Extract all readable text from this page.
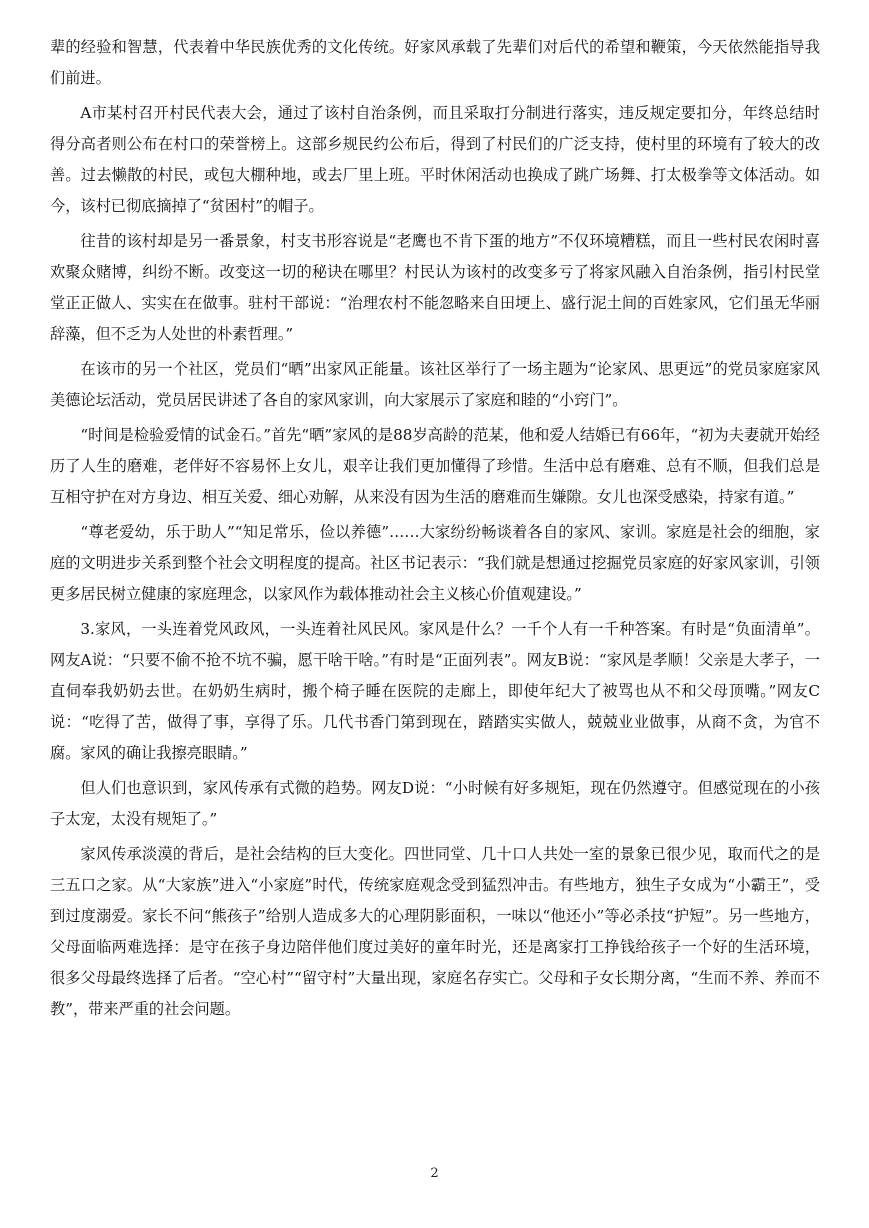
辈的经验和智慧，代表着中华民族优秀的文化传统。好家风承载了先辈们对后代的希望和鞭策，今天依然能指导我们前进。

A市某村召开村民代表大会，通过了该村自治条例，而且采取打分制进行落实，违反规定要扣分，年终总结时得分高者则公布在村口的荣誉榜上。这部乡规民约公布后，得到了村民们的广泛支持，使村里的环境有了较大的改善。过去懒散的村民，或包大棚种地，或去厂里上班。平时休闲活动也换成了跳广场舞、打太极拳等文体活动。如今，该村已彻底摘掉了“贫困村”的帽子。

往昔的该村却是另一番景象，村支书形容说是“老鹰也不肯下蛋的地方”不仅环境糟糕，而且一些村民农闲时喜欢聚众赌博，纠纷不断。改变这一切的秘诀在哪里？村民认为该村的改变多亏了将家风融入自治条例，指引村民堂堂正正做人、实实在在做事。驻村干部说：“治理农村不能忽略来自田埂上、盛行泥土间的百姓家风，它们虽无华丽辞藻，但不乏为人处世的朴素哲理。”

在该市的另一个社区，党员们“晒”出家风正能量。该社区举行了一场主题为“论家风、思更远”的党员家庭家风美德论坛活动，党员居民讲述了各自的家风家训，向大家展示了家庭和睦的“小窍门”。

“时间是检验爱情的试金石。”首先“晒”家风的是88岁高龄的范某，他和爱人结婚已有66年，“初为夫妻就开始经历了人生的磨难，老伴好不容易怀上女儿，艰辛让我们更加懂得了珍惜。生活中总有磨难、总有不顺，但我们总是互相守护在对方身边、相互关爱、细心劝解，从来没有因为生活的磨难而生嫌隙。女儿也深受感染，持家有道。”

“尊老爱幼，乐于助人”“知足常乐，俭以养德”……大家纷纷畅谈着各自的家风、家训。家庭是社会的细胞，家庭的文明进步关系到整个社会文明程度的提高。社区书记表示：“我们就是想通过挖掘党员家庭的好家风家训，引领更多居民树立健康的家庭理念，以家风作为载体推动社会主义核心价值观建设。”

3.家风，一头连着党风政风，一头连着社风民风。家风是什么？一千个人有一千种答案。有时是“负面清单”。网友A说：“只要不偷不抢不坑不骗，愿干啥干啥。”有时是“正面列表”。网友B说：“家风是孝顺！父亲是大孝子，一直伺奉我奶奶去世。在奶奶生病时，搬个椅子睡在医院的走廊上，即使年纪大了被骂也从不和父母顶嘴。”网友C说：“吃得了苦，做得了事，享得了乐。几代书香门第到现在，踏踏实实做人，兢兢业业做事，从商不贪，为官不腐。家风的确让我擦亮眼睛。”

但人们也意识到，家风传承有式微的趋势。网友D说：“小时候有好多规矩，现在仍然遵守。但感觉现在的小孩子太宠，太没有规矩了。”

家风传承淡漠的背后，是社会结构的巨大变化。四世同堂、几十口人共处一室的景象已很少见，取而代之的是三五口之家。从“大家族”进入“小家庭”时代，传统家庭观念受到猛烈冲击。有些地方，独生子女成为“小霸王”，受到过度溺爱。家长不问“熊孩子”给别人造成多大的心理阴影面积，一味以“他还小”等必杀技“护短”。另一些地方，父母面临两难选择：是守在孩子身边陪伴他们度过美好的童年时光，还是离家打工挣钱给孩子一个好的生活环境，很多父母最终选择了后者。“空心村”“留守村”大量出现，家庭名存实亡。父母和子女长期分离，“生而不养、养而不教”，带来严重的社会问题。

2
